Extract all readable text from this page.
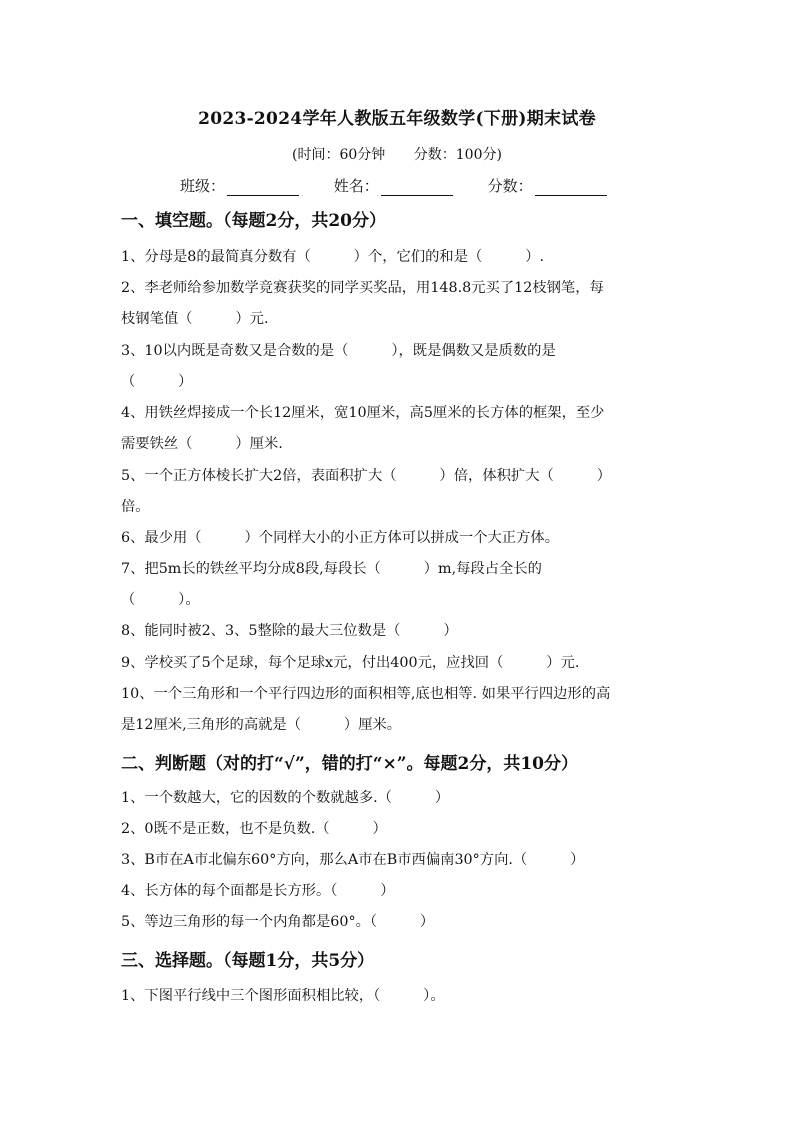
2023-2024学年人教版五年级数学(下册)期末试卷
(时间：60分钟 分数：100分)
班级：	姓名：	分数：
一、填空题。（每题2分，共20分）
1、分母是8的最简真分数有（　　　）个，它们的和是（　　　）.
2、李老师给参加数学竞赛获奖的同学买奖品，用148.8元买了12枝钢笔，每
枝钢笔值（　　　）元.
3、10以内既是奇数又是合数的是（　　　），既是偶数又是质数的是
（　　　）
4、用铁丝焊接成一个长12厘米，宽10厘米，高5厘米的长方体的框架，至少
需要铁丝（　　　）厘米.
5、一个正方体棱长扩大2倍，表面积扩大（　　　）倍，体积扩大（　　　）
倍。
6、最少用（　　　）个同样大小的小正方体可以拼成一个大正方体。
7、把5m长的铁丝平均分成8段,每段长（　　　）m,每段占全长的
（　　　）。
8、能同时被2、3、5整除的最大三位数是（　　　）
9、学校买了5个足球，每个足球x元，付出400元，应找回（　　　）元.
10、一个三角形和一个平行四边形的面积相等,底也相等. 如果平行四边形的高
是12厘米,三角形的高就是（　　　）厘米。
二、判断题（对的打“√”，错的打“×”。每题2分，共10分）
1、一个数越大，它的因数的个数就越多.（　　　）
2、0既不是正数，也不是负数.（　　　）
3、B市在A市北偏东60°方向，那么A市在B市西偏南30°方向.（　　　）
4、长方体的每个面都是长方形。（　　　）
5、等边三角形的每一个内角都是60°。（　　　）
三、选择题。（每题1分，共5分）
1、下图平行线中三个图形面积相比较，（　　　）。
